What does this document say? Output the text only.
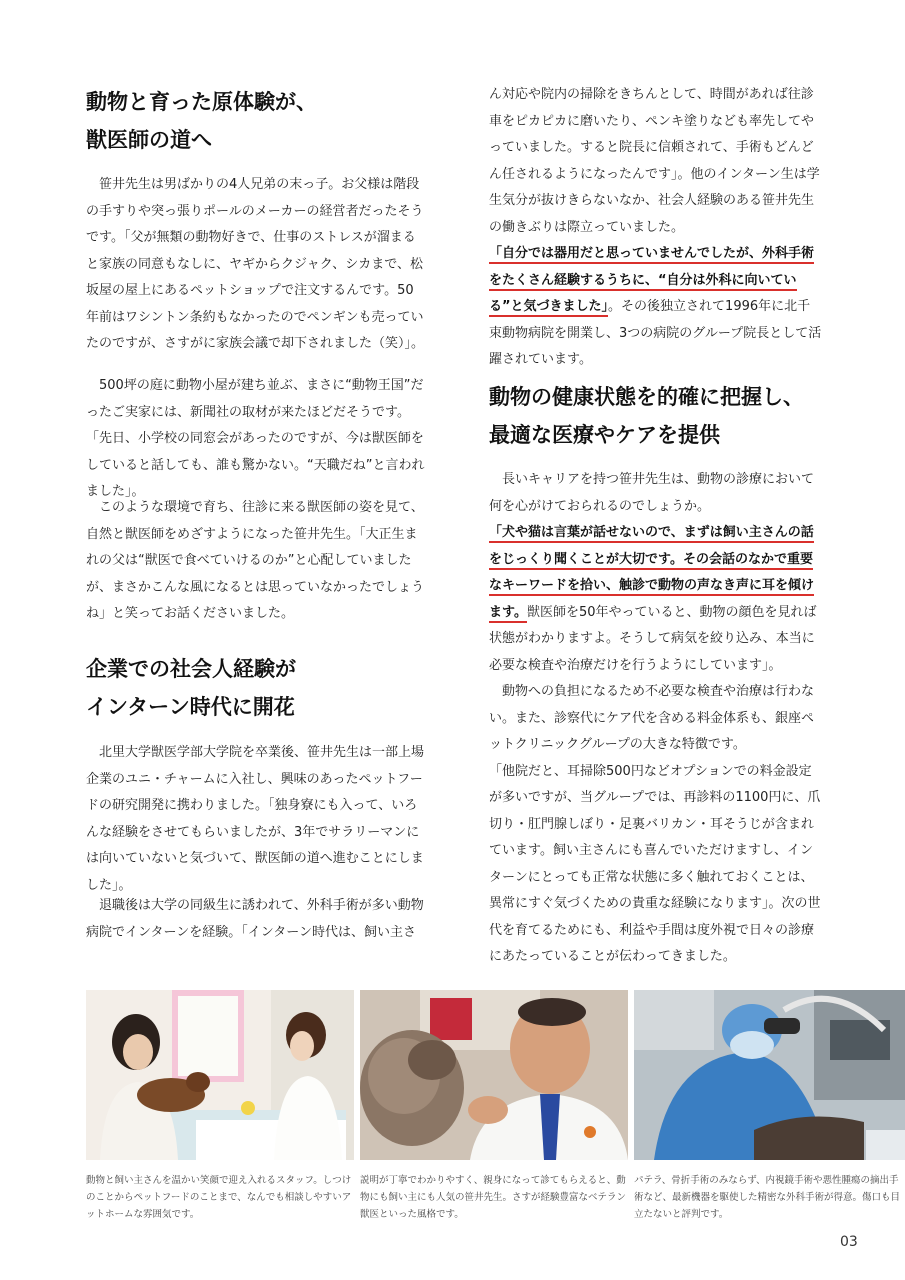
動物と育った原体験が、
獣医師の道へ

　笹井先生は男ばかりの4人兄弟の末っ子。お父様は階段の手すりや突っ張りポールのメーカーの経営者だったそうです。「父が無類の動物好きで、仕事のストレスが溜まると家族の同意もなしに、ヤギからクジャク、シカまで、松坂屋の屋上にあるペットショップで注文するんです。50年前はワシントン条約もなかったのでペンギンも売っていたのですが、さすがに家族会議で却下されました（笑）」。

　500坪の庭に動物小屋が建ち並ぶ、まさに“動物王国”だったご実家には、新聞社の取材が来たほどだそうです。「先日、小学校の同窓会があったのですが、今は獣医師をしていると話しても、誰も驚かない。“天職だね”と言われました」。

　このような環境で育ち、往診に来る獣医師の姿を見て、自然と獣医師をめざすようになった笹井先生。「大正生まれの父は“獣医で食べていけるのか”と心配していましたが、まさかこんな風になるとは思っていなかったでしょうね」と笑ってお話くださいました。

企業での社会人経験が
インターン時代に開花

　北里大学獣医学部大学院を卒業後、笹井先生は一部上場企業のユニ・チャームに入社し、興味のあったペットフードの研究開発に携わりました。「独身寮にも入って、いろんな経験をさせてもらいましたが、3年でサラリーマンには向いていないと気づいて、獣医師の道へ進むことにしました」。

　退職後は大学の同級生に誘われて、外科手術が多い動物病院でインターンを経験。「インターン時代は、飼い主さ

ん対応や院内の掃除をきちんとして、時間があれば往診車をピカピカに磨いたり、ペンキ塗りなども率先してやっていました。すると院長に信頼されて、手術もどんどん任されるようになったんです」。他のインターン生は学生気分が抜けきらないなか、社会人経験のある笹井先生の働きぶりは際立っていました。
「自分では器用だと思っていませんでしたが、外科手術をたくさん経験するうちに、“自分は外科に向いている”と気づきました」。その後独立されて1996年に北千束動物病院を開業し、3つの病院のグループ院長として活躍されています。

動物の健康状態を的確に把握し、
最適な医療やケアを提供

　長いキャリアを持つ笹井先生は、動物の診療において何を心がけておられるのでしょうか。
「犬や猫は言葉が話せないので、まずは飼い主さんの話をじっくり聞くことが大切です。その会話のなかで重要なキーワードを拾い、触診で動物の声なき声に耳を傾けます。獣医師を50年やっていると、動物の顔色を見れば状態がわかりますよ。そうして病気を絞り込み、本当に必要な検査や治療だけを行うようにしています」。
　動物への負担になるため不必要な検査や治療は行わない。また、診察代にケア代を含める料金体系も、銀座ペットクリニックグループの大きな特徴です。
「他院だと、耳掃除500円などオプションでの料金設定が多いですが、当グループでは、再診料の1100円に、爪切り・肛門腺しぼり・足裏バリカン・耳そうじが含まれています。飼い主さんにも喜んでいただけますし、インターンにとっても正常な状態に多く触れておくことは、異常にすぐ気づくための貴重な経験になります」。次の世代を育てるためにも、利益や手間は度外視で日々の診療にあたっていることが伝わってきました。

動物と飼い主さんを温かい笑顔で迎え入れるスタッフ。しつけのことからペットフードのことまで、なんでも相談しやすいアットホームな雰囲気です。

説明が丁寧でわかりやすく、親身になって診てもらえると、動物にも飼い主にも人気の笹井先生。さすが経験豊富なベテラン獣医といった風格です。

パテラ、骨折手術のみならず、内視鏡手術や悪性腫瘍の摘出手術など、最新機器を駆使した精密な外科手術が得意。傷口も目立たないと評判です。

03
